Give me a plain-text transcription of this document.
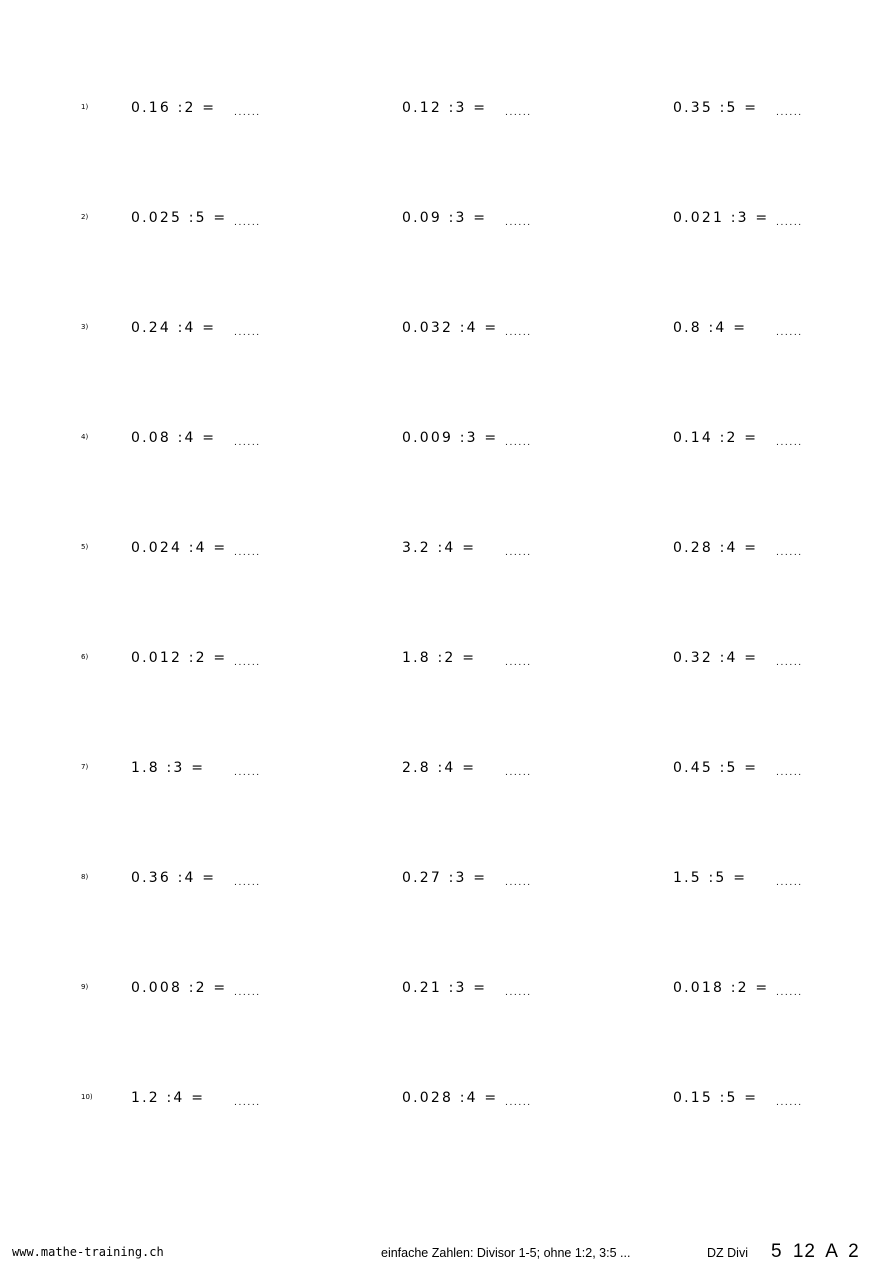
1)	0.16 :2 = ......	0.12 :3 = ......	0.35 :5 = ......
2)	0.025 :5 = ......	0.09 :3 = ......	0.021 :3 = ......
3)	0.24 :4 = ......	0.032 :4 = ......	0.8 :4 =	......
4)	0.08 :4 = ......	0.009 :3 = ......	0.14 :2 = ......
5)	0.024 :4 = ......	3.2 :4 =	......	0.28 :4 = ......
6)	0.012 :2 = ......	1.8 :2 =	......	0.32 :4 = ......
7)	1.8 :3 =	......	2.8 :4 =	......	0.45 :5 = ......
8)	0.36 :4 = ......	0.27 :3 = ......	1.5 :5 =	......
9)	0.008 :2 = ......	0.21 :3 = ......	0.018 :2 = ......
10)	1.2 :4 =	......	0.028 :4 = ......	0.15 :5 = ......
www.mathe-training.ch	einfache Zahlen: Divisor 1-5; ohne 1:2, 3:5 ...	DZ Divi 5 12 A 2
